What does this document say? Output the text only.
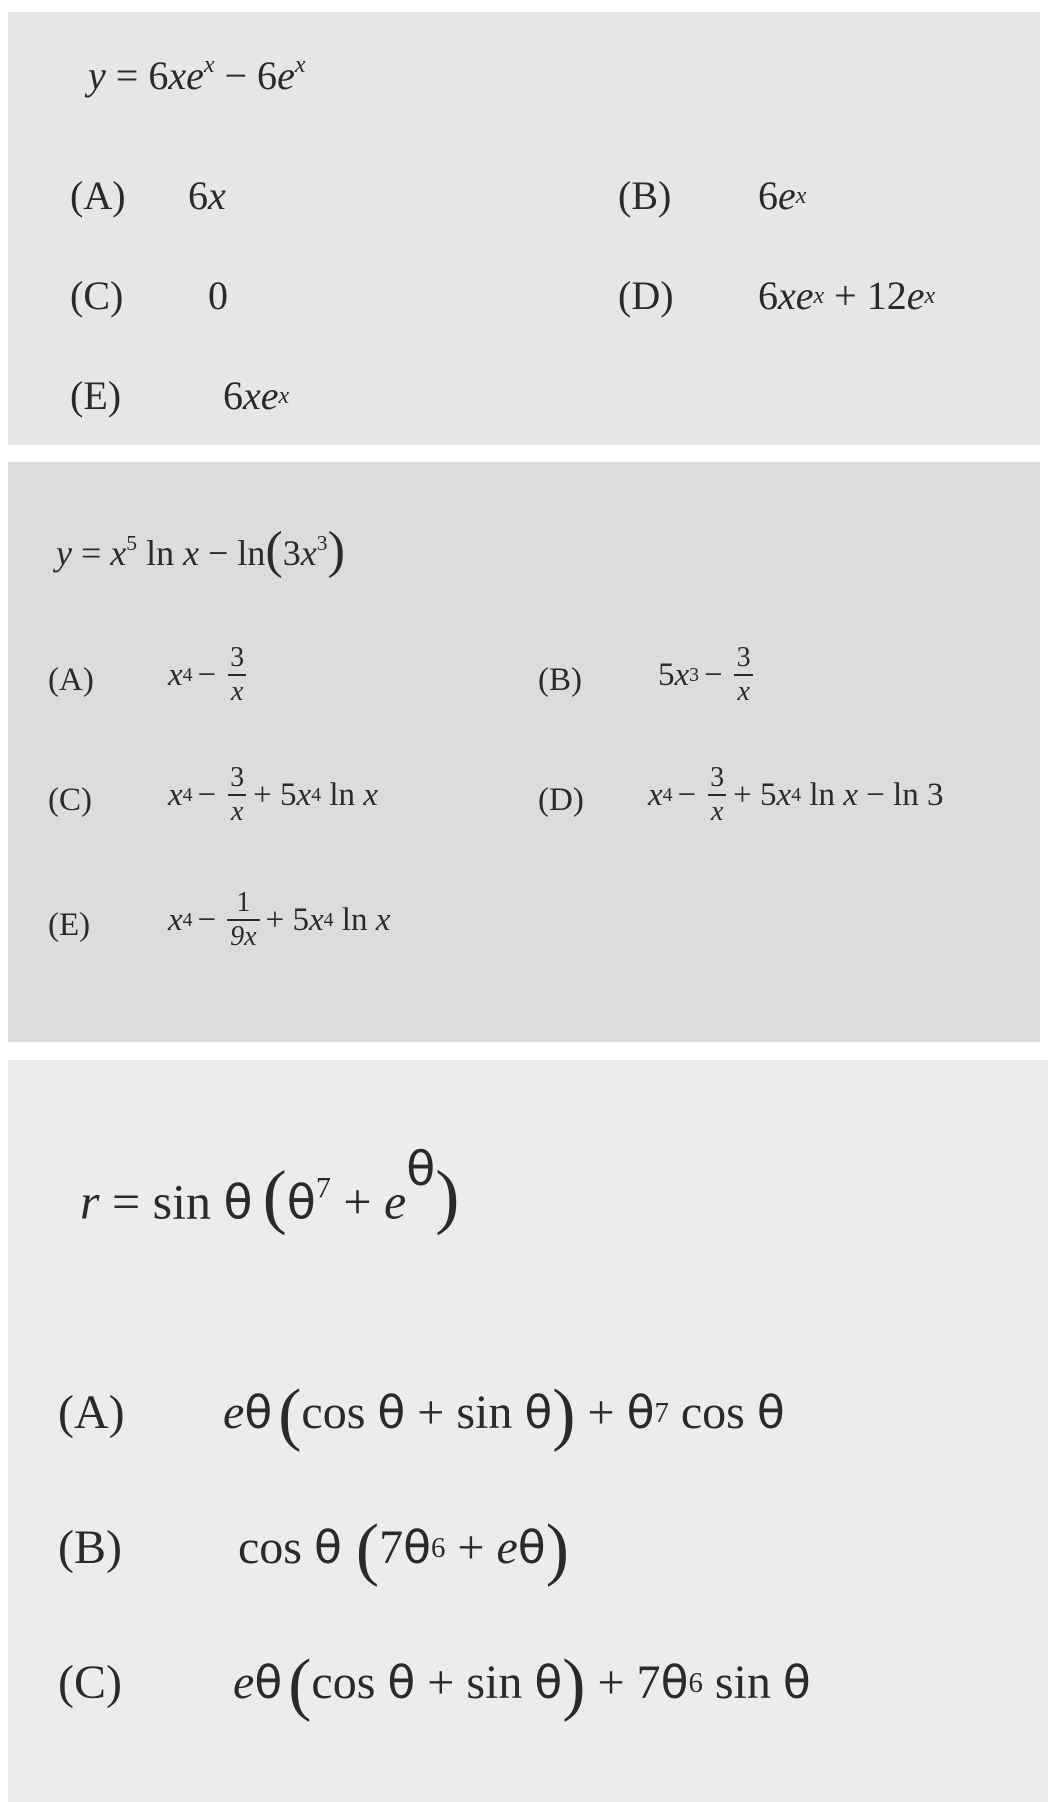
$y = 6xe^x - 6e^x$
(A) 6 x	(B) 6 e x
(C) 0	(D) 6 xe x + 12 e x
(E)	6 xe x
$y = x^5$ $\ln x - \ln(3x^3)$
(A) x $4 - \frac{3}{x}$	(B) 5 x $3 - \frac{3}{x}$
(C) x $4 - \frac{3}{x} + 5$ x 4 ln x	(D) x $4 - \frac{3}{x} + 5$ x 4 ln x − ln 3
(E) x $4 - \frac{1}{9x} + 5$ x 4 ln x
r = sin θ $(\theta^7 + e^\theta)$
(A) e θ ( cos θ + sin θ ) + θ 7 cos θ
(B) cos θ ( 7 θ 6 + e θ )
(C) e θ ( cos θ + sin θ ) + 7 θ 6 sin θ
